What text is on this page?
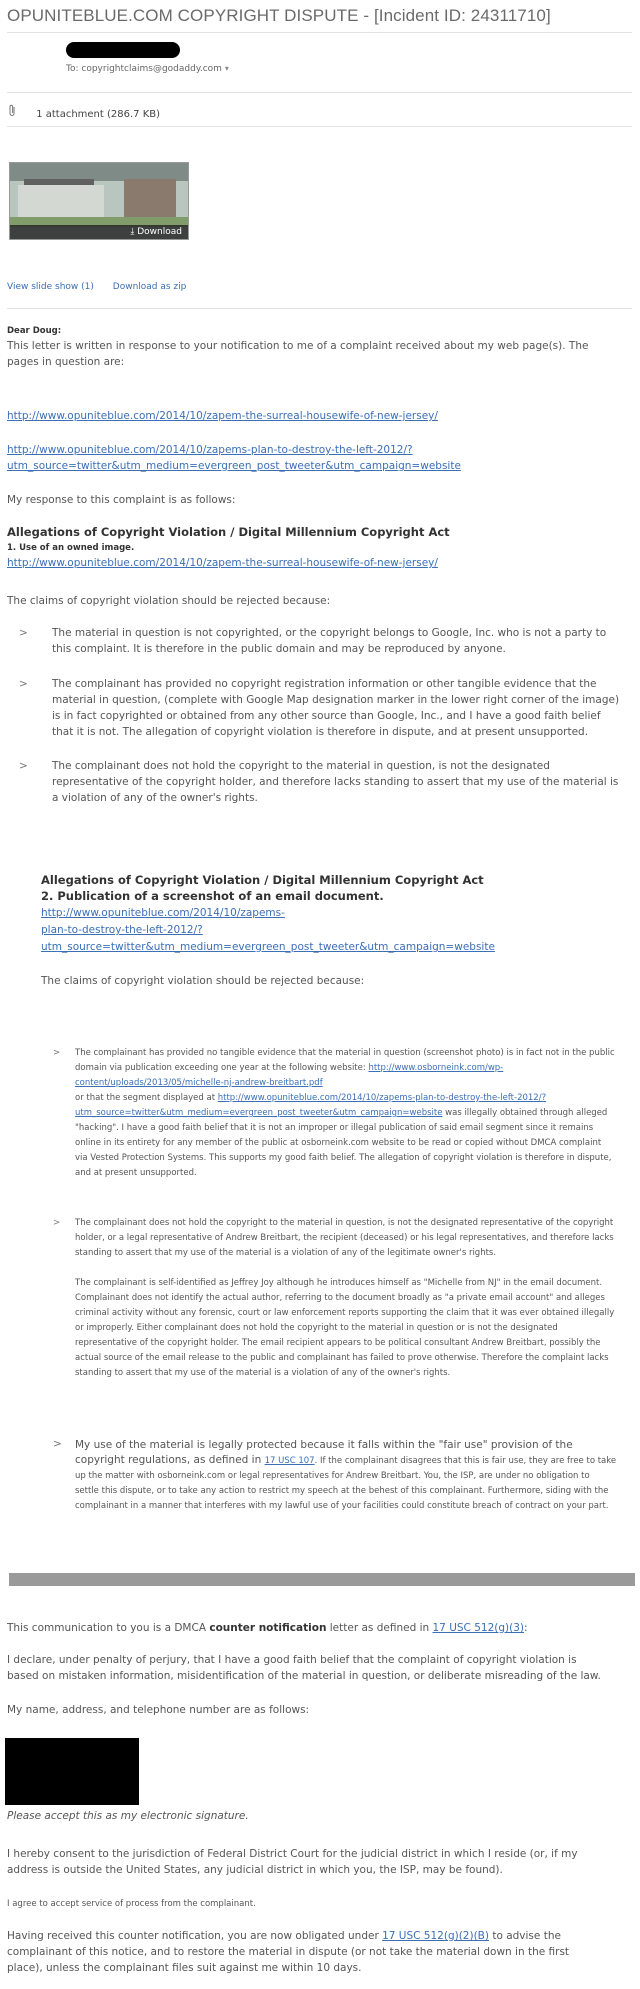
OPUNITEBLUE.COM COPYRIGHT DISPUTE - [Incident ID: 24311710]
To: copyrightclaims@godaddy.com ▾
1 attachment (286.7 KB)
⤓ Download
View slide show (1) Download as zip
Dear Doug:
This letter is written in response to your notification to me of a complaint received about my web page(s). The pages in question are:
http://www.opuniteblue.com/2014/10/zapem-the-surreal-housewife-of-new-jersey/
http://www.opuniteblue.com/2014/10/zapems-plan-to-destroy-the-left-2012/?
utm_source=twitter&utm_medium=evergreen_post_tweeter&utm_campaign=website
My response to this complaint is as follows:
Allegations of Copyright Violation / Digital Millennium Copyright Act
1. Use of an owned image.
http://www.opuniteblue.com/2014/10/zapem-the-surreal-housewife-of-new-jersey/
The claims of copyright violation should be rejected because:
> The material in question is not copyrighted, or the copyright belongs to Google, Inc. who is not a party to
this complaint. It is therefore in the public domain and may be reproduced by anyone.
> The complainant has provided no copyright registration information or other tangible evidence that the
material in question, (complete with Google Map designation marker in the lower right corner of the image)
is in fact copyrighted or obtained from any other source than Google, Inc., and I have a good faith belief
that it is not. The allegation of copyright violation is therefore in dispute, and at present unsupported.
> The complainant does not hold the copyright to the material in question, is not the designated
representative of the copyright holder, and therefore lacks standing to assert that my use of the material is
a violation of any of the owner's rights.
Allegations of Copyright Violation / Digital Millennium Copyright Act
2. Publication of a screenshot of an email document. http://www.opuniteblue.com/2014/10/zapems-
plan-to-destroy-the-left-2012/?
utm_source=twitter&utm_medium=evergreen_post_tweeter&utm_campaign=website
The claims of copyright violation should be rejected because:
> The complainant has provided no tangible evidence that the material in question (screenshot photo) is in fact not in the public
domain via publication exceeding one year at the following website: http://www.osborneink.com/wp-
content/uploads/2013/05/michelle-nj-andrew-breitbart.pdf
or that the segment displayed at http://www.opuniteblue.com/2014/10/zapems-plan-to-destroy-the-left-2012/?
utm_source=twitter&utm_medium=evergreen_post_tweeter&utm_campaign=website was illegally obtained through alleged
"hacking". I have a good faith belief that it is not an improper or illegal publication of said email segment since it remains
online in its entirety for any member of the public at osborneink.com website to be read or copied without DMCA complaint
via Vested Protection Systems. This supports my good faith belief. The allegation of copyright violation is therefore in dispute,
and at present unsupported.
> The complainant does not hold the copyright to the material in question, is not the designated representative of the copyright
holder, or a legal representative of Andrew Breitbart, the recipient (deceased) or his legal representatives, and therefore lacks
standing to assert that my use of the material is a violation of any of the legitimate owner's rights.
The complainant is self-identified as Jeffrey Joy although he introduces himself as "Michelle from NJ" in the email document.
Complainant does not identify the actual author, referring to the document broadly as "a private email account" and alleges
criminal activity without any forensic, court or law enforcement reports supporting the claim that it was ever obtained illegally
or improperly. Either complainant does not hold the copyright to the material in question or is not the designated
representative of the copyright holder. The email recipient appears to be political consultant Andrew Breitbart, possibly the
actual source of the email release to the public and complainant has failed to prove otherwise. Therefore the complaint lacks
standing to assert that my use of the material is a violation of any of the owner's rights.
> My use of the material is legally protected because it falls within the "fair use" provision of the
copyright regulations, as defined in 17 USC 107. If the complainant disagrees that this is fair use, they are free to take
up the matter with osborneink.com or legal representatives for Andrew Breitbart. You, the ISP, are under no obligation to
settle this dispute, or to take any action to restrict my speech at the behest of this complainant. Furthermore, siding with the
complainant in a manner that interferes with my lawful use of your facilities could constitute breach of contract on your part.
This communication to you is a DMCA counter notification letter as defined in 17 USC 512(g)(3):
I declare, under penalty of perjury, that I have a good faith belief that the complaint of copyright violation is
based on mistaken information, misidentification of the material in question, or deliberate misreading of the law.
My name, address, and telephone number are as follows:
Please accept this as my electronic signature.
I hereby consent to the jurisdiction of Federal District Court for the judicial district in which I reside (or, if my
address is outside the United States, any judicial district in which you, the ISP, may be found).
I agree to accept service of process from the complainant.
Having received this counter notification, you are now obligated under 17 USC 512(g)(2)(B) to advise the
complainant of this notice, and to restore the material in dispute (or not take the material down in the first
place), unless the complainant files suit against me within 10 days.
